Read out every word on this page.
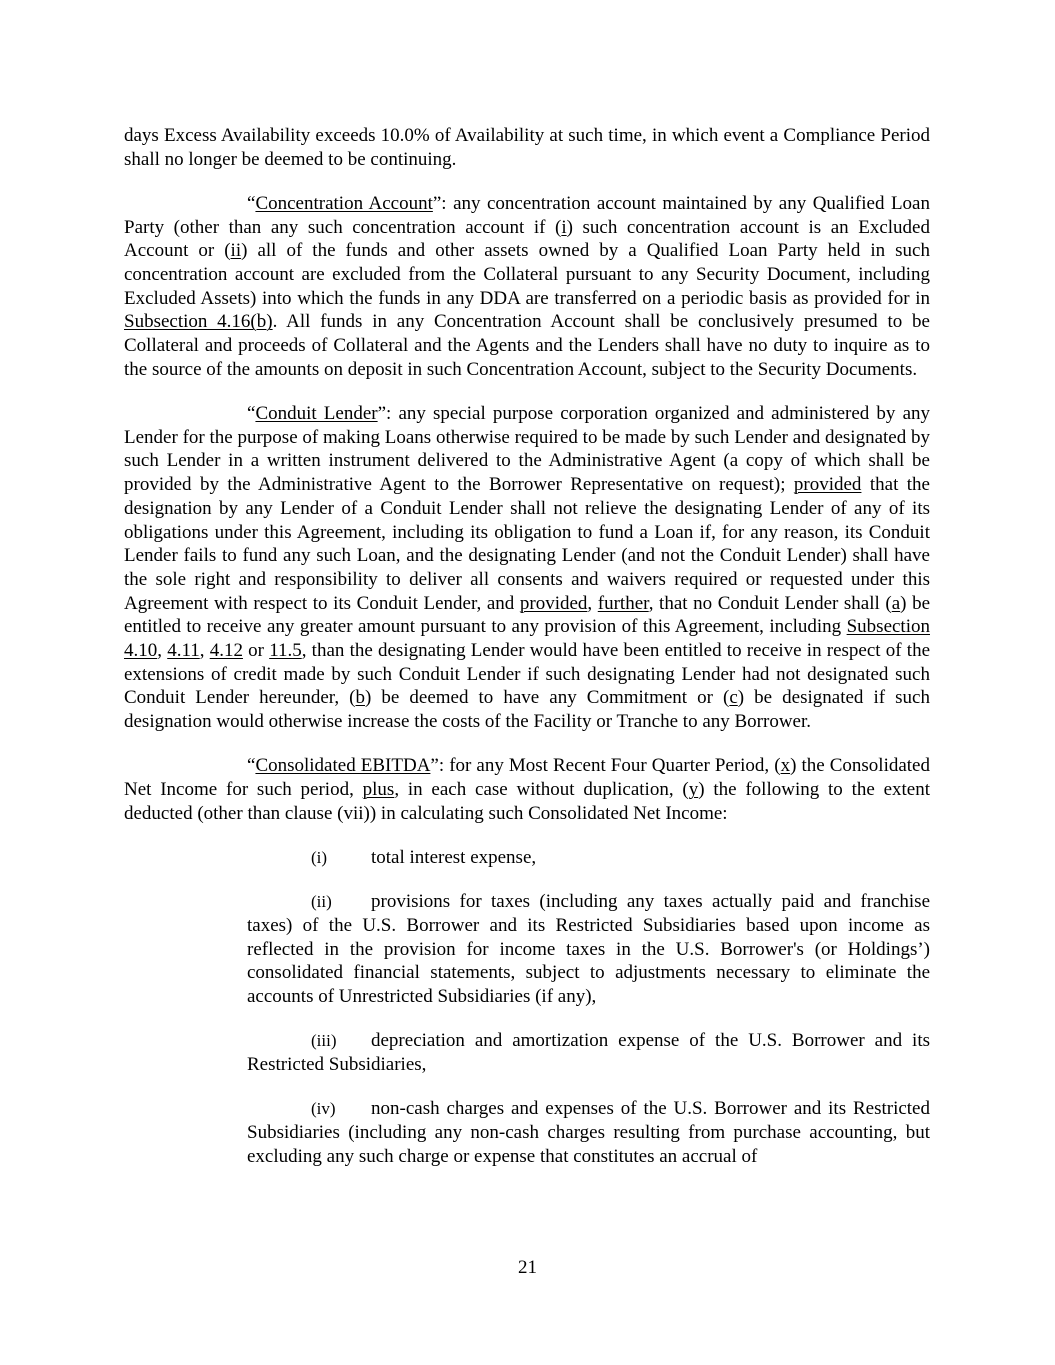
days Excess Availability exceeds 10.0% of Availability at such time, in which event a Compliance Period shall no longer be deemed to be continuing.

“Concentration Account”: any concentration account maintained by any Qualified Loan Party (other than any such concentration account if (i) such concentration account is an Excluded Account or (ii) all of the funds and other assets owned by a Qualified Loan Party held in such concentration account are excluded from the Collateral pursuant to any Security Document, including Excluded Assets) into which the funds in any DDA are transferred on a periodic basis as provided for in Subsection 4.16(b). All funds in any Concentration Account shall be conclusively presumed to be Collateral and proceeds of Collateral and the Agents and the Lenders shall have no duty to inquire as to the source of the amounts on deposit in such Concentration Account, subject to the Security Documents.

“Conduit Lender”: any special purpose corporation organized and administered by any Lender for the purpose of making Loans otherwise required to be made by such Lender and designated by such Lender in a written instrument delivered to the Administrative Agent (a copy of which shall be provided by the Administrative Agent to the Borrower Representative on request); provided that the designation by any Lender of a Conduit Lender shall not relieve the designating Lender of any of its obligations under this Agreement, including its obligation to fund a Loan if, for any reason, its Conduit Lender fails to fund any such Loan, and the designating Lender (and not the Conduit Lender) shall have the sole right and responsibility to deliver all consents and waivers required or requested under this Agreement with respect to its Conduit Lender, and provided, further, that no Conduit Lender shall (a) be entitled to receive any greater amount pursuant to any provision of this Agreement, including Subsection 4.10, 4.11, 4.12 or 11.5, than the designating Lender would have been entitled to receive in respect of the extensions of credit made by such Conduit Lender if such designating Lender had not designated such Conduit Lender hereunder, (b) be deemed to have any Commitment or (c) be designated if such designation would otherwise increase the costs of the Facility or Tranche to any Borrower.

“Consolidated EBITDA”: for any Most Recent Four Quarter Period, (x) the Consolidated Net Income for such period, plus, in each case without duplication, (y) the following to the extent deducted (other than clause (vii)) in calculating such Consolidated Net Income:

(i) total interest expense,

(ii) provisions for taxes (including any taxes actually paid and franchise taxes) of the U.S. Borrower and its Restricted Subsidiaries based upon income as reflected in the provision for income taxes in the U.S. Borrower's (or Holdings’) consolidated financial statements, subject to adjustments necessary to eliminate the accounts of Unrestricted Subsidiaries (if any),

(iii) depreciation and amortization expense of the U.S. Borrower and its Restricted Subsidiaries,

(iv) non-cash charges and expenses of the U.S. Borrower and its Restricted Subsidiaries (including any non-cash charges resulting from purchase accounting, but excluding any such charge or expense that constitutes an accrual of

21
